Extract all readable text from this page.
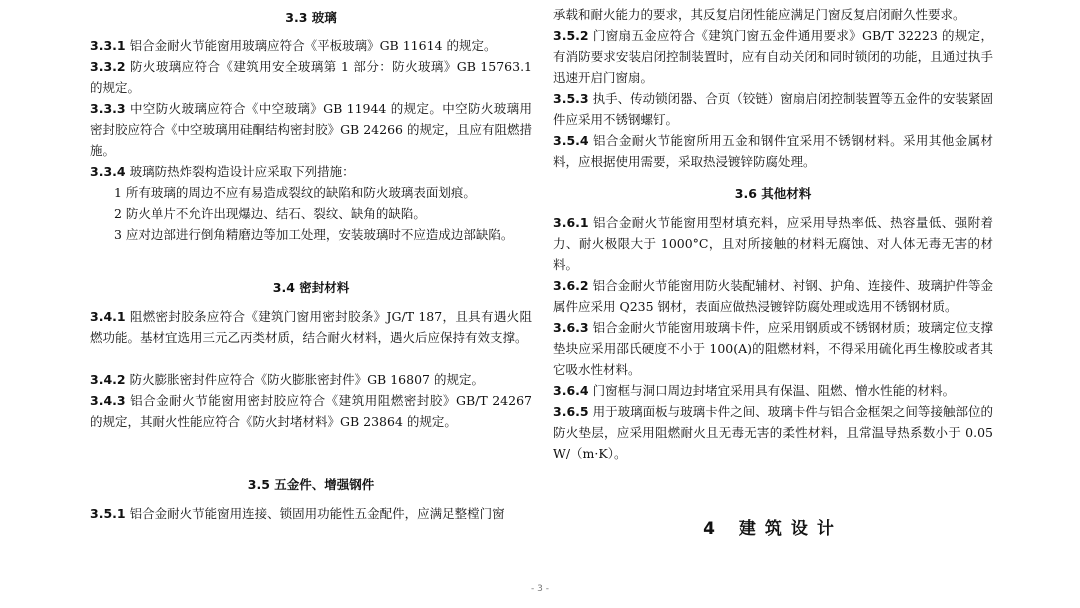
3.3 玻璃
3.3.1 铝合金耐火节能窗用玻璃应符合《平板玻璃》GB 11614 的规定。
3.3.2 防火玻璃应符合《建筑用安全玻璃第 1 部分：防火玻璃》GB 15763.1 的规定。
3.3.3 中空防火玻璃应符合《中空玻璃》GB 11944 的规定。中空防火玻璃用密封胶应符合《中空玻璃用硅酮结构密封胶》GB 24266 的规定，且应有阻燃措施。
3.3.4 玻璃防热炸裂构造设计应采取下列措施：
1 所有玻璃的周边不应有易造成裂纹的缺陷和防火玻璃表面划痕。
2 防火单片不允许出现爆边、结石、裂纹、缺角的缺陷。
3 应对边部进行倒角精磨边等加工处理，安装玻璃时不应造成边部缺陷。
3.4 密封材料
3.4.1 阻燃密封胶条应符合《建筑门窗用密封胶条》JG/T 187，且具有遇火阻燃功能。基材宜选用三元乙丙类材质，结合耐火材料，遇火后应保持有效支撑。
3.4.2 防火膨胀密封件应符合《防火膨胀密封件》GB 16807 的规定。
3.4.3 铝合金耐火节能窗用密封胶应符合《建筑用阻燃密封胶》GB/T 24267 的规定，其耐火性能应符合《防火封堵材料》GB 23864 的规定。
3.5 五金件、增强钢件
3.5.1 铝合金耐火节能窗用连接、锁固用功能性五金配件，应满足整樘门窗
承载和耐火能力的要求，其反复启闭性能应满足门窗反复启闭耐久性要求。
3.5.2 门窗扇五金应符合《建筑门窗五金件通用要求》GB/T 32223 的规定，有消防要求安装启闭控制装置时，应有自动关闭和同时锁闭的功能，且通过执手迅速开启门窗扇。
3.5.3 执手、传动锁闭器、合页（铰链）窗扇启闭控制装置等五金件的安装紧固件应采用不锈钢螺钉。
3.5.4 铝合金耐火节能窗所用五金和钢件宜采用不锈钢材料。采用其他金属材料，应根据使用需要，采取热浸镀锌防腐处理。
3.6 其他材料
3.6.1 铝合金耐火节能窗用型材填充料，应采用导热率低、热容量低、强附着力、耐火极限大于 1000°C，且对所接触的材料无腐蚀、对人体无毒无害的材料。
3.6.2 铝合金耐火节能窗用防火装配辅材、衬钢、护角、连接件、玻璃护件等金属件应采用 Q235 钢材，表面应做热浸镀锌防腐处理或选用不锈钢材质。
3.6.3 铝合金耐火节能窗用玻璃卡件，应采用钢质或不锈钢材质；玻璃定位支撑垫块应采用邵氏硬度不小于 100(A)的阻燃材料，不得采用硫化再生橡胶或者其它吸水性材料。
3.6.4 门窗框与洞口周边封堵宜采用具有保温、阻燃、憎水性能的材料。
3.6.5 用于玻璃面板与玻璃卡件之间、玻璃卡件与铝合金框架之间等接触部位的防火垫层，应采用阻燃耐火且无毒无害的柔性材料，且常温导热系数小于 0.05 W/（m·K）。
4 建筑设计
- 3 -
